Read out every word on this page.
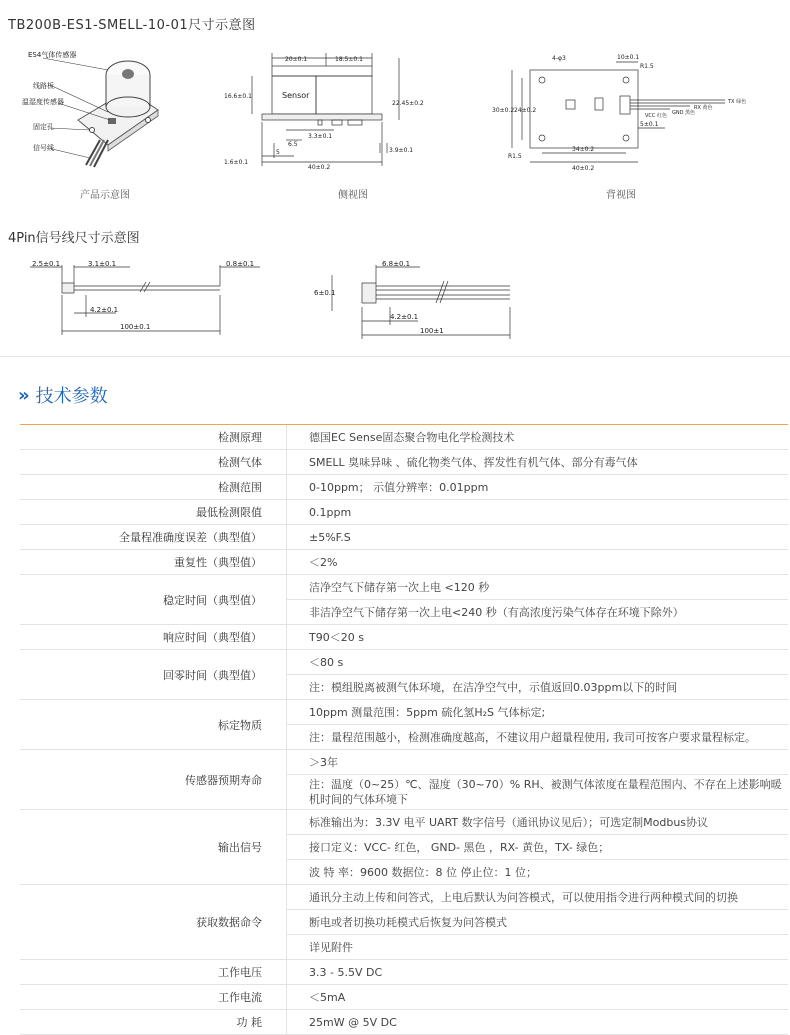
TB200B-ES1-SMELL-10-01尺寸示意图
ES4气体传感器
线路板
温湿度传感器
固定孔
信号线
产品示意图
20±0.1	18.5±0.1
16.6±0.1	Sensor
22.45±0.2
3.3±0.1
6.5
5
1.6±0.1
40±0.2
3.9±0.1
侧视图
4-φ3	10±0.1
R1.5
TX 绿色
RX 黄色
GND 黑色
VCC 红色
5±0.1
30±0.2 24±0.2
R1.5
34±0.2
40±0.2
背视图
4Pin信号线尺寸示意图
2.5±0.1	3.1±0.1	0.8±0.1
4.2±0.1
100±0.1
6.8±0.1
6±0.1
4.2±0.1
100±1
» 技术参数
检测原理	德国EC Sense固态聚合物电化学检测技术
检测气体	SMELL 臭味异味 、硫化物类气体、挥发性有机气体、部分有毒气体
检测范围	0-10ppm； 示值分辨率：0.01ppm
最低检测限值	0.1ppm
全量程准确度误差（典型值）	±5%F.S
重复性（典型值）	＜2%
稳定时间（典型值）	洁净空气下储存第一次上电 <120 秒
	非洁净空气下储存第一次上电<240 秒（有高浓度污染气体存在环境下除外）
响应时间（典型值）	T90＜20 s
回零时间（典型值）	＜80 s
	注：模组脱离被测气体环境，在洁净空气中，示值返回0.03ppm以下的时间
标定物质	10ppm 测量范围：5ppm 硫化氢H₂S 气体标定;
	注：量程范围越小，检测准确度越高，不建议用户超量程使用, 我司可按客户要求量程标定。
传感器预期寿命	＞3年
	注：温度（0~25）℃、湿度（30~70）% RH、被测气体浓度在量程范围内、不存在上述影响暖机时间的气体环境下
输出信号	标准输出为：3.3V 电平 UART 数字信号（通讯协议见后）；可选定制Modbus协议
	接口定义：VCC- 红色， GND- 黑色 ，RX- 黄色，TX- 绿色；
	波 特 率：9600 数据位：8 位 停止位：1 位；
获取数据命令	通讯分主动上传和问答式，上电后默认为问答模式，可以使用指令进行两种模式间的切换
	断电或者切换功耗模式后恢复为问答模式
	详见附件
工作电压	3.3 - 5.5V DC
工作电流	＜5mA
功 耗	25mW @ 5V DC
